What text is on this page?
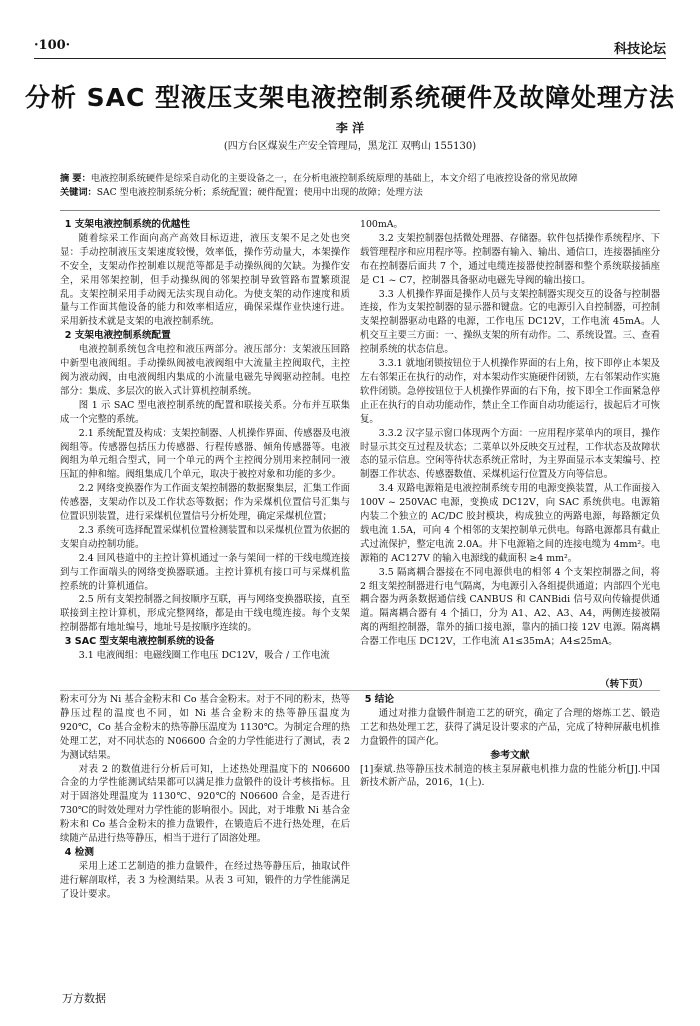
·100·	科技论坛
分析 SAC 型液压支架电液控制系统硬件及故障处理方法
李 洋
(四方台区煤炭生产安全管理局，黑龙江 双鸭山 155130)
摘 要：电液控制系统硬件是综采自动化的主要设备之一，在分析电液控制系统原理的基础上，本文介绍了电液控设备的常见故障
关键词：SAC 型电液控制系统分析；系统配置；硬件配置；使用中出现的故障；处理方法
1 支架电液控制系统的优越性

随着综采工作面向高产高效目标迈进，液压支架不足之处也突显：手动控制液压支架速度较慢，效率低，操作劳动量大，本架操作不安全，支架动作控制难以规范等都是手动操纵阀的欠缺。为操作安全，采用邻架控制，但手动操纵阀的邻架控制导致管路布置繁琐混乱。支架控制采用手动阀无法实现自动化。为使支架的动作速度和质量与工作面其他设备的能力和效率相适应，确保采煤作业快速行进。采用新技术就是支架的电液控制系统。

2 支架电液控制系统配置

电液控制系统包含电控和液压两部分。液压部分：支架液压回路中新型电液阀组。手动操纵阀被电液阀组中大流量主控阀取代，主控阀为液动阀，由电液阀组内集成的小流量电磁先导阀驱动控制。电控部分：集成、多层次的嵌入式计算机控制系统。

图 1 示 SAC 型电液控制系统的配置和联接关系。分布并互联集成一个完整的系统。

2.1 系统配置及构成：支架控制器、人机操作界面、传感器及电液阀组等。传感器包括压力传感器、行程传感器、倾角传感器等。电液阀组为单元组合型式，同一个单元的两个主控阀分别用来控制同一液压缸的伸和缩。阀组集成几个单元，取决于被控对象和功能的多少。

2.2 网络变换器作为工作面支架控制器的数据聚集层，汇集工作面传感器，支架动作以及工作状态等数据；作为采煤机位置信号汇集与位置识别装置，进行采煤机位置信号分析处理，确定采煤机位置；

2.3 系统可选择配置采煤机位置检测装置和以采煤机位置为依据的支架自动控制功能。

2.4 回风巷道中的主控计算机通过一条与架间一样的干线电缆连接到与工作面端头的网络变换器联通。主控计算机有接口可与采煤机监控系统的计算机通信。

2.5 所有支架控制器之间按顺序互联，再与网络变换器联接，直至联接到主控计算机，形成完整网络，都是由干线电缆连接。每个支架控制器都有地址编号，地址号是按顺序连续的。

3 SAC 型支架电液控制系统的设备

3.1 电液阀组：电磁线圈工作电压 DC12V，吸合 / 工作电流

100mA。

3.2 支架控制器包括微处理器、存储器。软件包括操作系统程序、下载管理程序和应用程序等。控制器有输入、输出、通信口，连接器插座分布在控制器后面共 7 个，通过电缆连接器使控制器和整个系统联接插座是 C1 ~ C7，控制器具备驱动电磁先导阀的输出接口。

3.3 人机操作界面是操作人员与支架控制器实现交互的设备与控制器连接，作为支架控制器的显示器和键盘。它的电源引入自控制器，可控制支架控制器驱动电路的电源，工作电压 DC12V，工作电流 45mA。人机交互主要三方面：一、操纵支架的所有动作。二、系统设置。三、查看控制系统的状态信息。

3.3.1 就地闭锁按钮位于人机操作界面的右上角，按下即停止本架及左右邻架正在执行的动作，对本架动作实施硬件闭锁，左右邻架动作实施软件闭锁。急停按钮位于人机操作界面的右下角，按下即全工作面紧急停止正在执行的自动功能动作，禁止全工作面自动功能运行，拔起后才可恢复。

3.3.2 汉字显示窗口体现两个方面：一应用程序菜单内的项目，操作时显示其交互过程及状态；二菜单以外反映交互过程，工作状态及故障状态的显示信息。空闲等待状态系统正常时，为主界面显示本支架编号、控制器工作状态、传感器数值、采煤机运行位置及方向等信息。

3.4 双路电源箱是电液控制系统专用的电源变换装置，从工作面接入 100V ~ 250VAC 电源，变换成 DC12V，向 SAC 系统供电。电源箱内装二个独立的 AC/DC 胶封模块，构成独立的两路电源，每路额定负载电流 1.5A，可向 4 个相邻的支架控制单元供电。每路电源都具有截止式过流保护，整定电流 2.0A。井下电源箱之间的连接电缆为 4mm²。电源箱的 AC127V 的输入电源线的截面积 ≥4 mm²。

3.5 隔离耦合器接在不同电源供电的相邻 4 个支架控制器之间，将 2 组支架控制器进行电气隔离，为电源引入各组提供通道；内部四个光电耦合器为两条数据通信线 CANBUS 和 CANBidi 信号双向传输提供通道。隔离耦合器有 4 个插口，分为 A1、A2、A3、A4，两侧连接被隔离的两组控制器，靠外的插口接电源，靠内的插口接 12V 电源。隔离耦合器工作电压 DC12V，工作电流 A1≤35mA；A4≤25mA。

（转下页）

粉末可分为 Ni 基合金粉末和 Co 基合金粉末。对于不同的粉末，热等静压过程的温度也不同，如 Ni 基合金粉末的热等静压温度为 920℃，Co 基合金粉末的热等静压温度为 1130℃。为制定合理的热处理工艺，对不同状态的 N06600 合金的力学性能进行了测试，表 2 为测试结果。

对表 2 的数值进行分析后可知，上述热处理温度下的 N06600 合金的力学性能测试结果都可以满足推力盘锻件的设计考核指标。且对于固溶处理温度为 1130℃、920℃的 N06600 合金，是否进行 730℃的时效处理对力学性能的影响很小。因此，对于堆敷 Ni 基合金粉末和 Co 基合金粉末的推力盘锻件，在锻造后不进行热处理，在后续随产品进行热等静压，相当于进行了固溶处理。

4 检测

采用上述工艺制造的推力盘锻件，在经过热等静压后，抽取试件进行解剖取样，表 3 为检测结果。从表 3 可知，锻件的力学性能满足了设计要求。

5 结论

通过对推力盘锻件制造工艺的研究，确定了合理的熔炼工艺、锻造工艺和热处理工艺，获得了满足设计要求的产品，完成了特种屏蔽电机推力盘锻件的国产化。

参考文献

[1]秦斌.热等静压技术制造的核主泵屏蔽电机推力盘的性能分析[J].中国新技术新产品，2016，1(上).

万方数据
